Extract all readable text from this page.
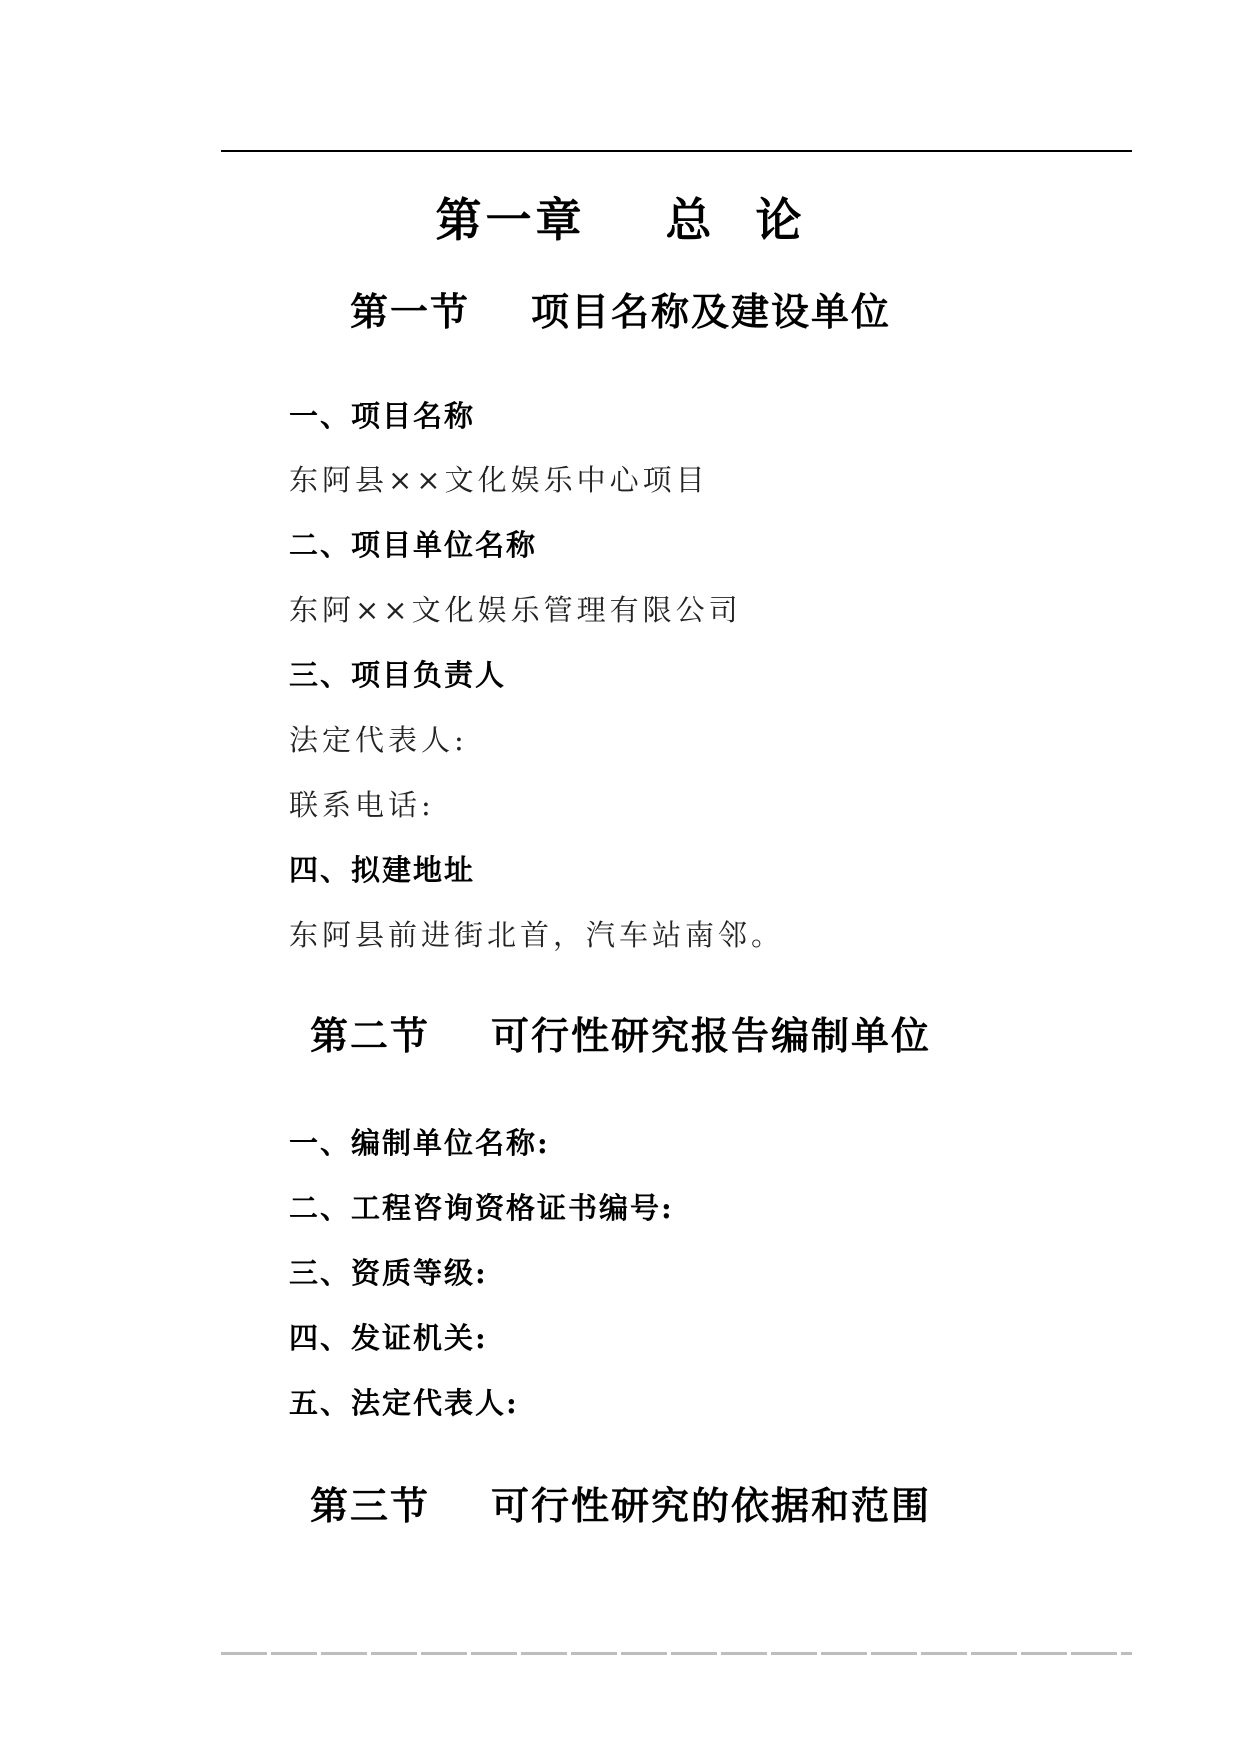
第一章    总  论
第一节    项目名称及建设单位
一、项目名称
东阿县××文化娱乐中心项目
二、项目单位名称
东阿××文化娱乐管理有限公司
三、项目负责人
法定代表人:
联系电话:
四、拟建地址
东阿县前进街北首，汽车站南邻。
第二节    可行性研究报告编制单位
一、编制单位名称:
二、工程咨询资格证书编号:
三、资质等级:
四、发证机关:
五、法定代表人:
第三节    可行性研究的依据和范围
